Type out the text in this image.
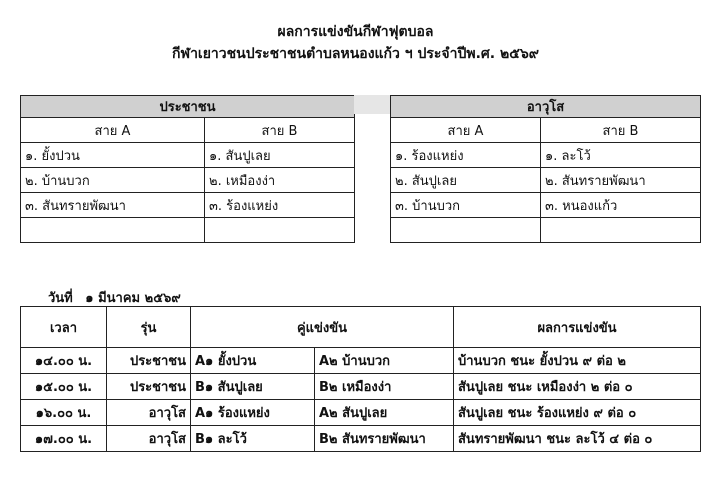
ผลการแข่งขันกีฬาฟุตบอล
กีฬาเยาวชนประชาชนตำบลหนองแก้ว ฯ ประจำปีพ.ศ. ๒๕๖๙
ประชาชน	
สาย A	สาย B
๑. ยั้งปวน	๑. สันปูเลย
๒. บ้านบวก	๒. เหมืองง่า
๓. สันทรายพัฒนา	๓. ร้องแหย่ง

อาวุโส	
สาย A	สาย B
๑. ร้องแหย่ง	๑. ละโว้
๒. สันปูเลย	๒. สันทรายพัฒนา
๓. บ้านบวก	๓. หนองแก้ว

วันที่ ๑ มีนาคม ๒๕๖๙
เวลา	รุ่น	คู่แข่งขัน		ผลการแข่งขัน
๑๔.๐๐ น.	ประชาชน	A๑ ยั้งปวน	A๒ บ้านบวก	บ้านบวก ชนะ ยั้งปวน ๙ ต่อ ๒
๑๕.๐๐ น.	ประชาชน	B๑ สันปูเลย	B๒ เหมืองง่า	สันปูเลย ชนะ เหมืองง่า ๒ ต่อ ๐
๑๖.๐๐ น.	อาวุโส	A๑ ร้องแหย่ง	A๒ สันปูเลย	สันปูเลย ชนะ ร้องแหย่ง ๙ ต่อ ๐
๑๗.๐๐ น.	อาวุโส	B๑ ละโว้	B๒ สันทรายพัฒนา	สันทรายพัฒนา ชนะ ละโว้ ๔ ต่อ ๐
